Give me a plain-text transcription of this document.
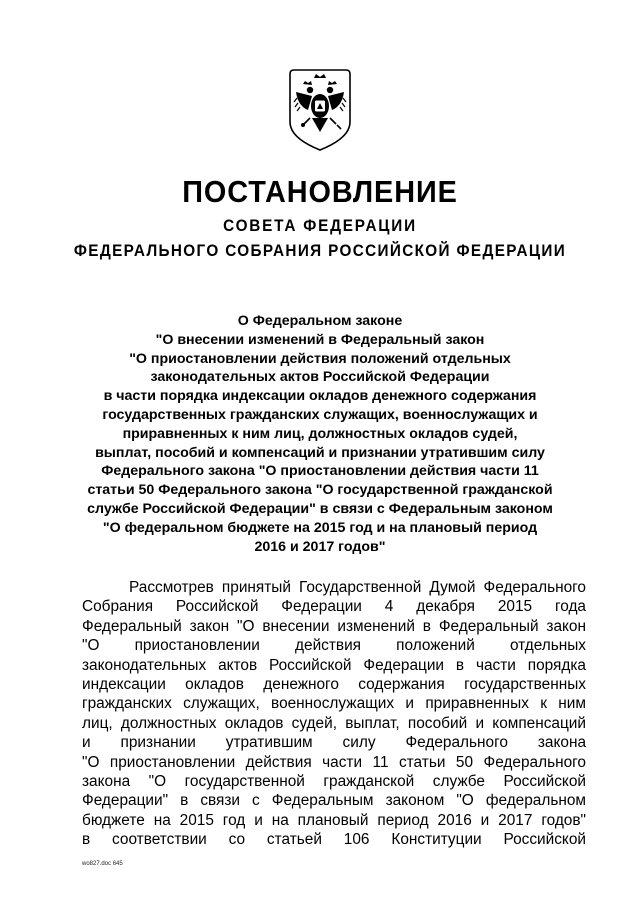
ПОСТАНОВЛЕНИЕ
СОВЕТА ФЕДЕРАЦИИ
ФЕДЕРАЛЬНОГО СОБРАНИЯ РОССИЙСКОЙ ФЕДЕРАЦИИ
О Федеральном законе
"О внесении изменений в Федеральный закон
"О приостановлении действия положений отдельных
законодательных актов Российской Федерации
в части порядка индексации окладов денежного содержания
государственных гражданских служащих, военнослужащих и
приравненных к ним лиц, должностных окладов судей,
выплат, пособий и компенсаций и признании утратившим силу
Федерального закона "О приостановлении действия части 11
статьи 50 Федерального закона "О государственной гражданской
службе Российской Федерации" в связи с Федеральным законом
"О федеральном бюджете на 2015 год и на плановый период
2016 и 2017 годов"
Рассмотрев принятый Государственной Думой Федерального
Собрания Российской Федерации 4 декабря 2015 года
Федеральный закон "О внесении изменений в Федеральный закон
"О приостановлении действия положений отдельных
законодательных актов Российской Федерации в части порядка
индексации окладов денежного содержания государственных
гражданских служащих, военнослужащих и приравненных к ним
лиц, должностных окладов судей, выплат, пособий и компенсаций
и признании утратившим силу Федерального закона
"О приостановлении действия части 11 статьи 50 Федерального
закона "О государственной гражданской службе Российской
Федерации" в связи с Федеральным законом "О федеральном
бюджете на 2015 год и на плановый период 2016 и 2017 годов"
в соответствии со статьей 106 Конституции Российской
wo827.doc 645
